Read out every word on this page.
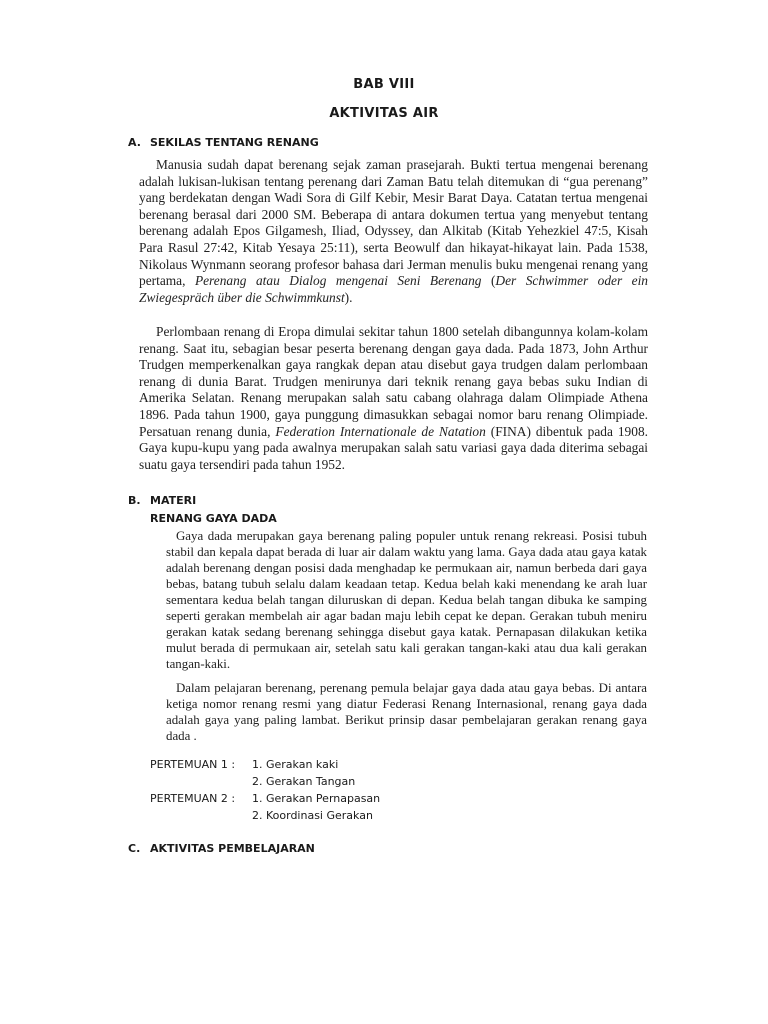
BAB VIII
AKTIVITAS AIR
A. SEKILAS TENTANG RENANG

Manusia sudah dapat berenang sejak zaman prasejarah. Bukti tertua mengenai berenang adalah lukisan-lukisan tentang perenang dari Zaman Batu telah ditemukan di “gua perenang” yang berdekatan dengan Wadi Sora di Gilf Kebir, Mesir Barat Daya. Catatan tertua mengenai berenang berasal dari 2000 SM. Beberapa di antara dokumen tertua yang menyebut tentang berenang adalah Epos Gilgamesh, Iliad, Odyssey, dan Alkitab (Kitab Yehezkiel 47:5, Kisah Para Rasul 27:42, Kitab Yesaya 25:11), serta Beowulf dan hikayat-hikayat lain. Pada 1538, Nikolaus Wynmann seorang profesor bahasa dari Jerman menulis buku mengenai renang yang pertama, Perenang atau Dialog mengenai Seni Berenang (Der Schwimmer oder ein Zwiegespräch über die Schwimmkunst).

Perlombaan renang di Eropa dimulai sekitar tahun 1800 setelah dibangunnya kolam-kolam renang. Saat itu, sebagian besar peserta berenang dengan gaya dada. Pada 1873, John Arthur Trudgen memperkenalkan gaya rangkak depan atau disebut gaya trudgen dalam perlombaan renang di dunia Barat. Trudgen menirunya dari teknik renang gaya bebas suku Indian di Amerika Selatan. Renang merupakan salah satu cabang olahraga dalam Olimpiade Athena 1896. Pada tahun 1900, gaya punggung dimasukkan sebagai nomor baru renang Olimpiade. Persatuan renang dunia, Federation Internationale de Natation (FINA) dibentuk pada 1908. Gaya kupu-kupu yang pada awalnya merupakan salah satu variasi gaya dada diterima sebagai suatu gaya tersendiri pada tahun 1952.

B. MATERI
RENANG GAYA DADA

Gaya dada merupakan gaya berenang paling populer untuk renang rekreasi. Posisi tubuh stabil dan kepala dapat berada di luar air dalam waktu yang lama. Gaya dada atau gaya katak adalah berenang dengan posisi dada menghadap ke permukaan air, namun berbeda dari gaya bebas, batang tubuh selalu dalam keadaan tetap. Kedua belah kaki menendang ke arah luar sementara kedua belah tangan diluruskan di depan. Kedua belah tangan dibuka ke samping seperti gerakan membelah air agar badan maju lebih cepat ke depan. Gerakan tubuh meniru gerakan katak sedang berenang sehingga disebut gaya katak. Pernapasan dilakukan ketika mulut berada di permukaan air, setelah satu kali gerakan tangan-kaki atau dua kali gerakan tangan-kaki.

Dalam pelajaran berenang, perenang pemula belajar gaya dada atau gaya bebas. Di antara ketiga nomor renang resmi yang diatur Federasi Renang Internasional, renang gaya dada adalah gaya yang paling lambat. Berikut prinsip dasar pembelajaran gerakan renang gaya dada .

PERTEMUAN 1 : 1. Gerakan kaki
2. Gerakan Tangan
PERTEMUAN 2 : 1. Gerakan Pernapasan
2. Koordinasi Gerakan
C. AKTIVITAS PEMBELAJARAN
